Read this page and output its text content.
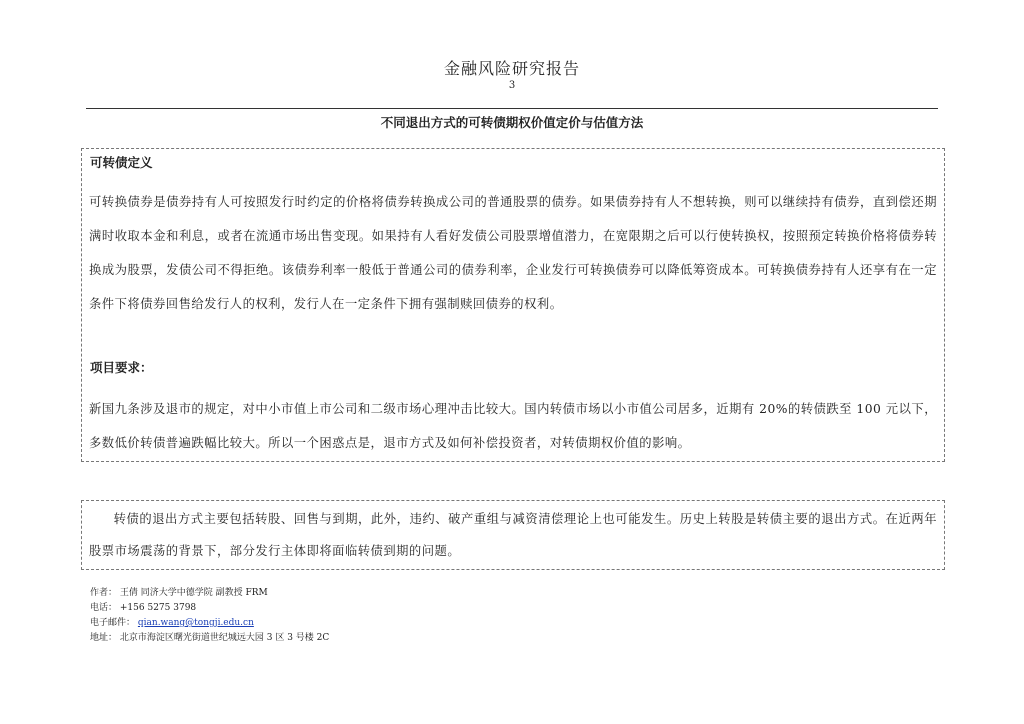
金融风险研究报告
3
不同退出方式的可转债期权价值定价与估值方法
可转债定义
可转换债券是债券持有人可按照发行时约定的价格将债券转换成公司的普通股票的债券。如果债券持有人不想转换，则可以继续持有债券，直到偿还期满时收取本金和利息，或者在流通市场出售变现。如果持有人看好发债公司股票增值潜力，在宽限期之后可以行使转换权，按照预定转换价格将债券转换成为股票，发债公司不得拒绝。该债券利率一般低于普通公司的债券利率，企业发行可转换债券可以降低筹资成本。可转换债券持有人还享有在一定条件下将债券回售给发行人的权利，发行人在一定条件下拥有强制赎回债券的权利。
项目要求：
新国九条涉及退市的规定，对中小市值上市公司和二级市场心理冲击比较大。国内转债市场以小市值公司居多，近期有 20%的转债跌至 100 元以下，多数低价转债普遍跌幅比较大。所以一个困惑点是，退市方式及如何补偿投资者，对转债期权价值的影响。
转债的退出方式主要包括转股、回售与到期，此外，违约、破产重组与减资清偿理论上也可能发生。历史上转股是转债主要的退出方式。在近两年股票市场震荡的背景下，部分发行主体即将面临转债到期的问题。
作者： 王倩 同济大学中德学院 副教授 FRM
电话： +156 5275 3798
电子邮件： qian.wang@tongji.edu.cn
地址： 北京市海淀区曙光街道世纪城远大园 3 区 3 号楼 2C
